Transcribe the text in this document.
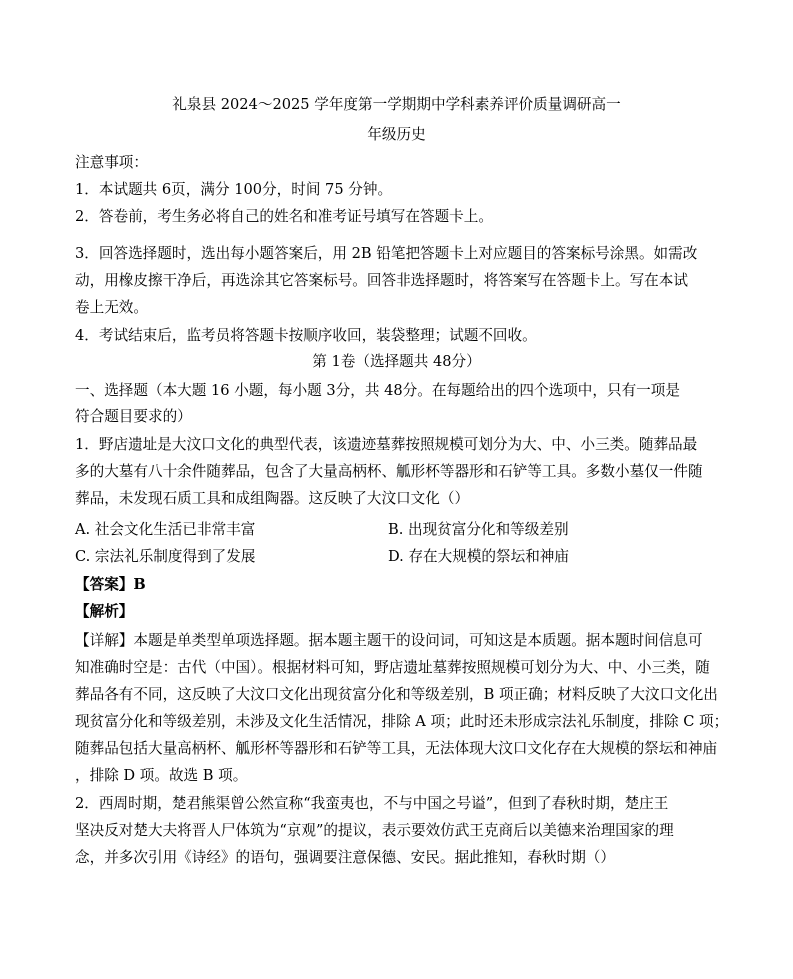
礼泉县 2024～2025 学年度第一学期期中学科素养评价质量调研高一
年级历史
注意事项：
1．本试题共 6页，满分 100分，时间 75 分钟。
2．答卷前，考生务必将自己的姓名和准考证号填写在答题卡上。
3．回答选择题时，选出每小题答案后，用 2B 铅笔把答题卡上对应题目的答案标号涂黑。如需改
动，用橡皮擦干净后，再选涂其它答案标号。回答非选择题时，将答案写在答题卡上。写在本试
卷上无效。
4．考试结束后，监考员将答题卡按顺序收回，装袋整理；试题不回收。
第 1卷（选择题共 48分）
一、选择题（本大题 16 小题，每小题 3分，共 48分。在每题给出的四个选项中，只有一项是
符合题目要求的）
1．野店遗址是大汶口文化的典型代表，该遗迹墓葬按照规模可划分为大、中、小三类。随葬品最
多的大墓有八十余件随葬品，包含了大量高柄杯、觚形杯等器形和石铲等工具。多数小墓仅一件随
葬品，未发现石质工具和成组陶器。这反映了大汶口文化（）
A. 社会文化生活已非常丰富	B. 出现贫富分化和等级差别
C. 宗法礼乐制度得到了发展	D. 存在大规模的祭坛和神庙
【答案】B
【解析】
【详解】本题是单类型单项选择题。据本题主题干的设问词，可知这是本质题。据本题时间信息可
知准确时空是：古代（中国）。根据材料可知，野店遗址墓葬按照规模可划分为大、中、小三类，随
葬品各有不同，这反映了大汶口文化出现贫富分化和等级差别，B 项正确；材料反映了大汶口文化出
现贫富分化和等级差别，未涉及文化生活情况，排除 A 项；此时还未形成宗法礼乐制度，排除 C 项；
随葬品包括大量高柄杯、觚形杯等器形和石铲等工具，无法体现大汶口文化存在大规模的祭坛和神庙
，排除 D 项。故选 B 项。
2．西周时期，楚君熊渠曾公然宣称“我蛮夷也，不与中国之号谥”，但到了春秋时期，楚庄王
坚决反对楚大夫将晋人尸体筑为“京观”的提议，表示要效仿武王克商后以美德来治理国家的理
念，并多次引用《诗经》的语句，强调要注意保德、安民。据此推知，春秋时期（）
